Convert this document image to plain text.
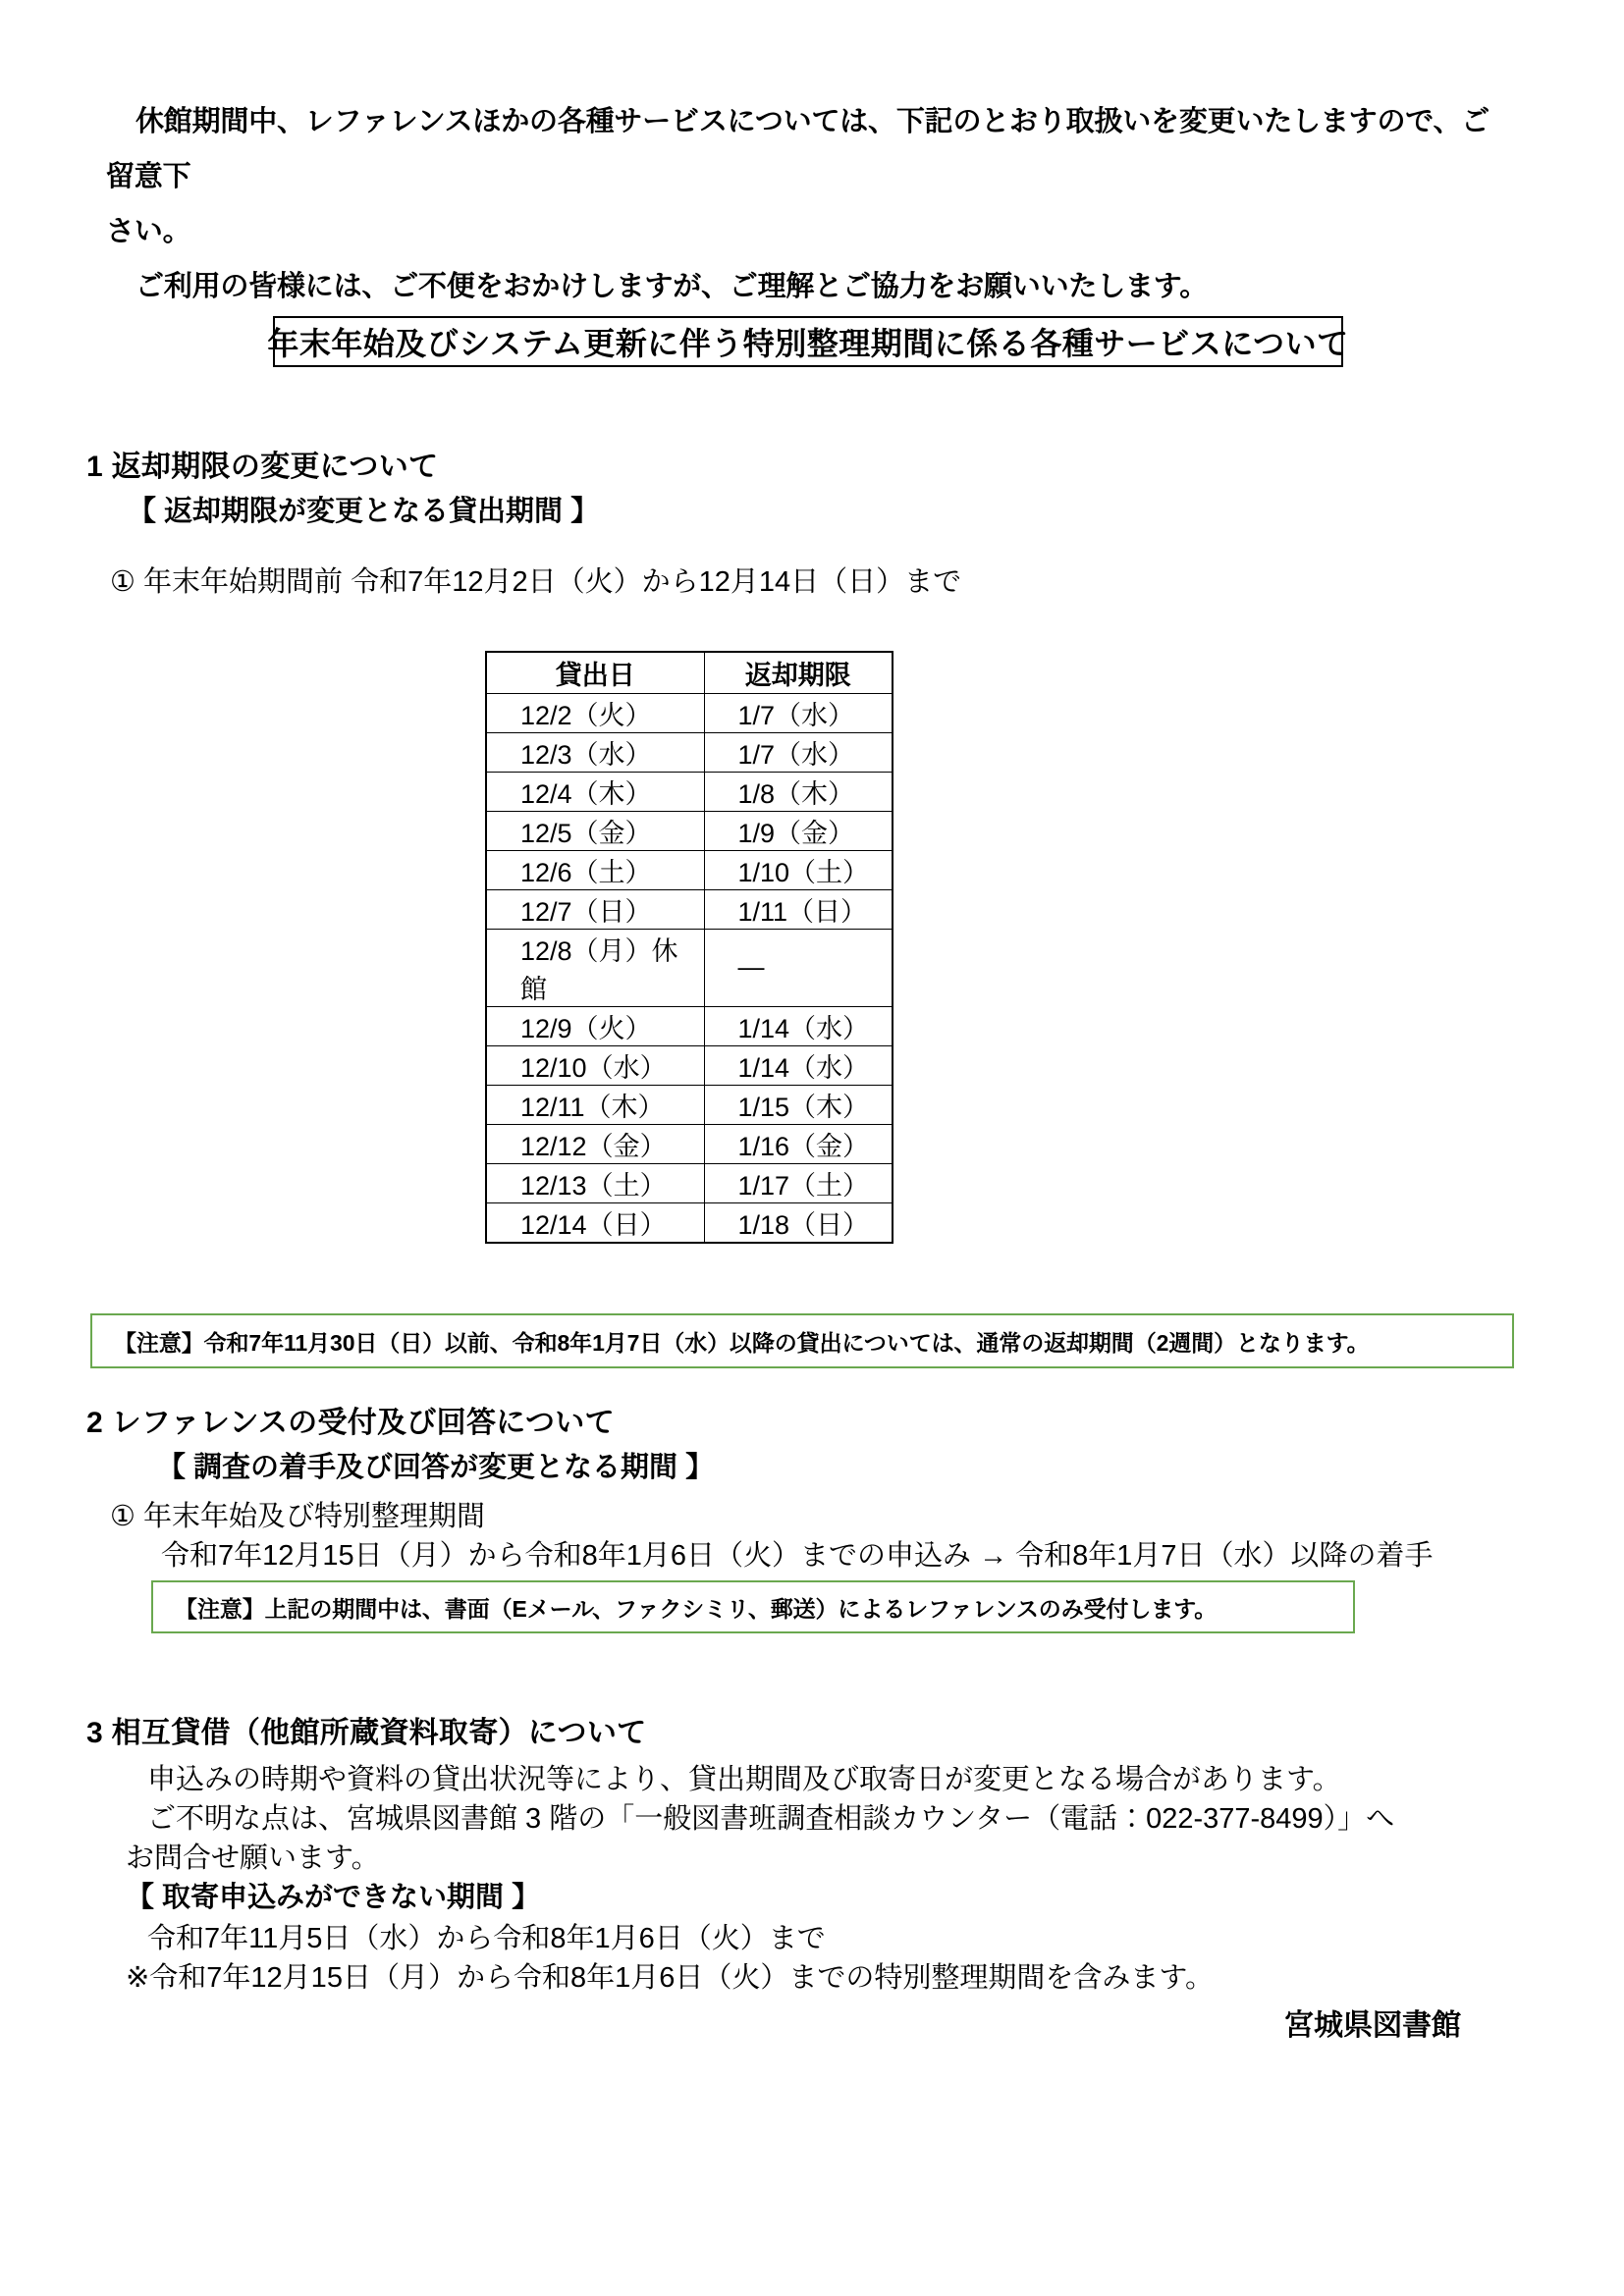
休館期間中、レファレンスほかの各種サービスについては、下記のとおり取扱いを変更いたしますので、ご留意下

さい。

ご利用の皆様には、ご不便をおかけしますが、ご理解とご協力をお願いいたします。

年末年始及びシステム更新に伴う特別整理期間に係る各種サービスについて
1 返却期限の変更について
【 返却期限が変更となる貸出期間 】
① 年末年始期間前 令和7年12月2日（火）から12月14日（日）まで
貸出日	返却期限
12/2（火）	1/7（水）
12/3（水）	1/7（水）
12/4（木）	1/8（木）
12/5（金）	1/9（金）
12/6（土）	1/10（土）
12/7（日）	1/11（日）
12/8（月）休館	—
12/9（火）	1/14（水）
12/10（水）	1/14（水）
12/11（木）	1/15（木）
12/12（金）	1/16（金）
12/13（土）	1/17（土）
12/14（日）	1/18（日）
【注意】令和7年11月30日（日）以前、令和8年1月7日（水）以降の貸出については、通常の返却期間（2週間）となります。
2 レファレンスの受付及び回答について
【 調査の着手及び回答が変更となる期間 】
① 年末年始及び特別整理期間
令和7年12月15日（月）から令和8年1月6日（火）までの申込み → 令和8年1月7日（水）以降の着手
【注意】上記の期間中は、書面（Eメール、ファクシミリ、郵送）によるレファレンスのみ受付します。
3 相互貸借（他館所蔵資料取寄）について
申込みの時期や資料の貸出状況等により、貸出期間及び取寄日が変更となる場合があります。
ご不明な点は、宮城県図書館 3 階の「一般図書班調査相談カウンター（電話：022-377-8499）」へ
お問合せ願います。
【 取寄申込みができない期間 】
令和7年11月5日（水）から令和8年1月6日（火）まで
※令和7年12月15日（月）から令和8年1月6日（火）までの特別整理期間を含みます。
宮城県図書館
